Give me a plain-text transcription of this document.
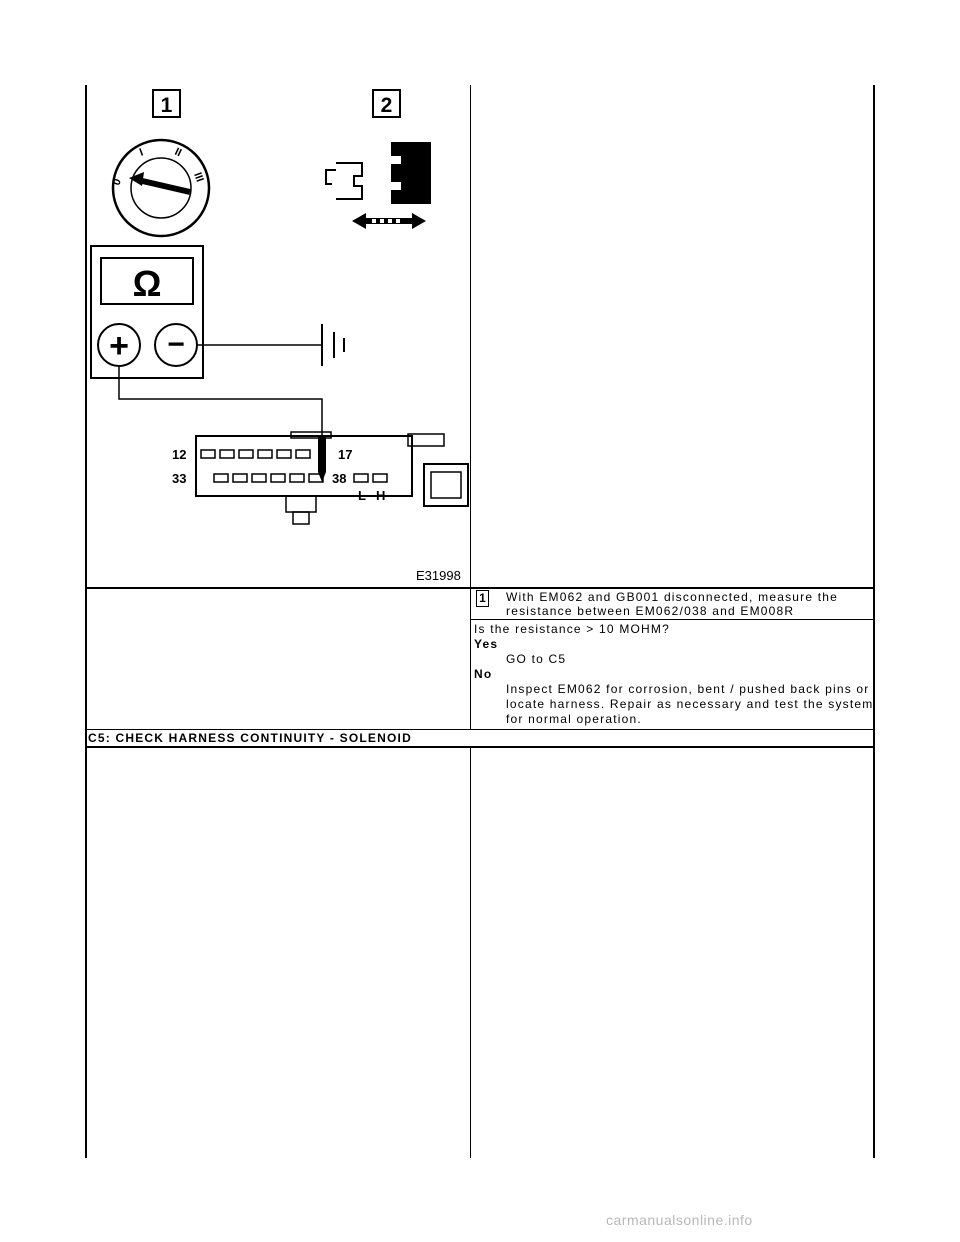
1	2
0
I	II
III
Ω
+ −
12	17
33	38
L H
E31998
1 With EM062 and GB001 disconnected, measure the
resistance between EM062/038 and EM008R
Is the resistance > 10 MOHM?
Yes
GO to C5
No
Inspect EM062 for corrosion, bent / pushed back pins or
locate harness. Repair as necessary and test the system
for normal operation.
C5: CHECK HARNESS CONTINUITY - SOLENOID
carmanualsonline.info
